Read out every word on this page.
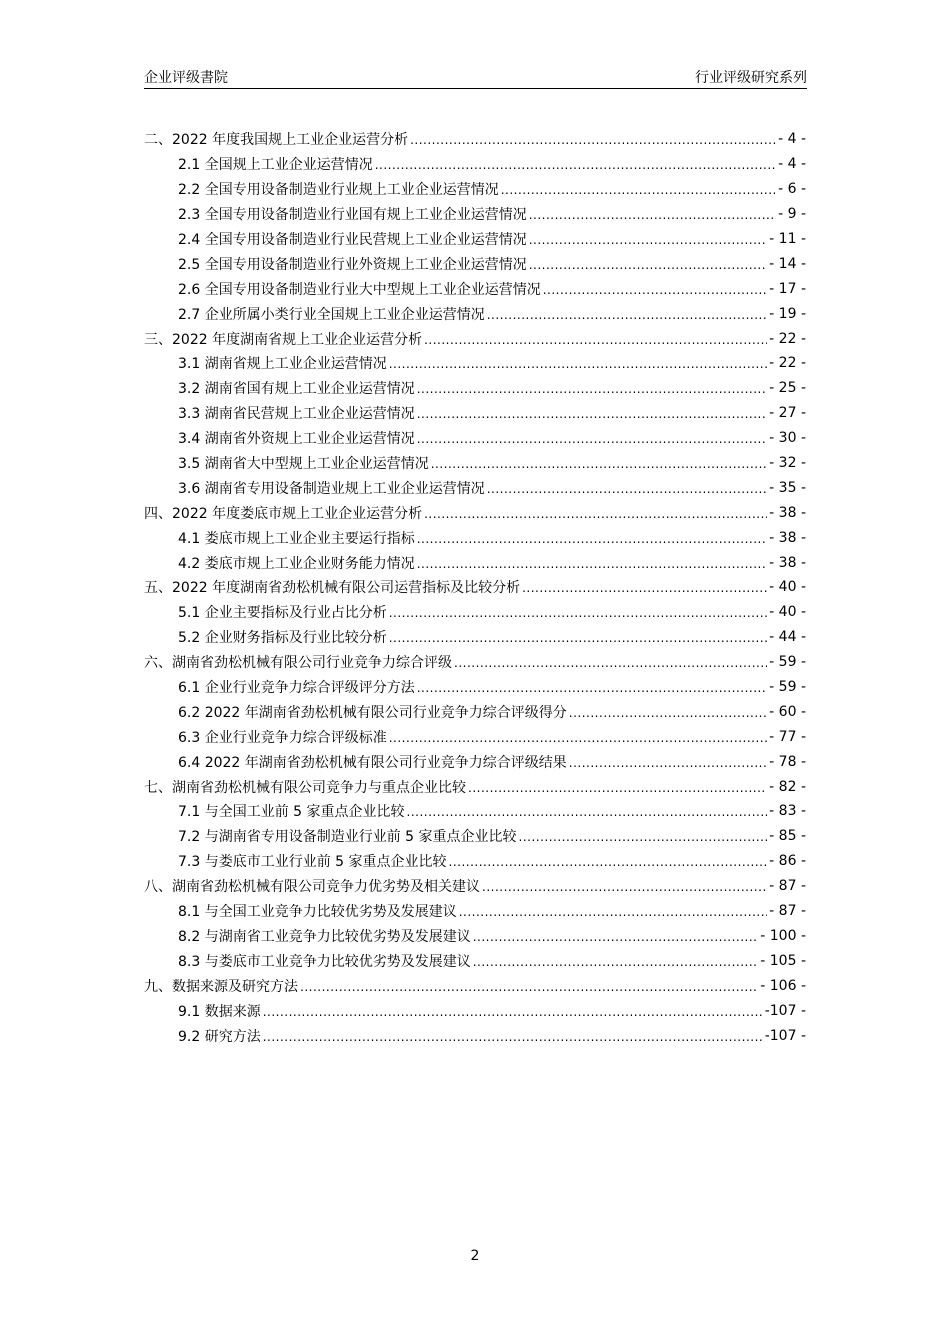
企业评级書院	行业评级研究系列
二、2022 年度我国规上工业企业运营分析 .....	- 4 -
2.1 全国规上工业企业运营情况 .....	- 4 -
2.2 全国专用设备制造业行业规上工业企业运营情况 .....	- 6 -
2.3 全国专用设备制造业行业国有规上工业企业运营情况 .....	- 9 -
2.4 全国专用设备制造业行业民营规上工业企业运营情况 .....	- 11 -
2.5 全国专用设备制造业行业外资规上工业企业运营情况 .....	- 14 -
2.6 全国专用设备制造业行业大中型规上工业企业运营情况 .....	- 17 -
2.7 企业所属小类行业全国规上工业企业运营情况 .....	- 19 -
三、2022 年度湖南省规上工业企业运营分析 .....	- 22 -
3.1 湖南省规上工业企业运营情况 .....	- 22 -
3.2 湖南省国有规上工业企业运营情况 .....	- 25 -
3.3 湖南省民营规上工业企业运营情况 .....	- 27 -
3.4 湖南省外资规上工业企业运营情况 .....	- 30 -
3.5 湖南省大中型规上工业企业运营情况 .....	- 32 -
3.6 湖南省专用设备制造业规上工业企业运营情况 .....	- 35 -
四、2022 年度娄底市规上工业企业运营分析 .....	- 38 -
4.1 娄底市规上工业企业主要运行指标 .....	- 38 -
4.2 娄底市规上工业企业财务能力情况 .....	- 38 -
五、2022 年度湖南省劲松机械有限公司运营指标及比较分析 .....	- 40 -
5.1 企业主要指标及行业占比分析 .....	- 40 -
5.2 企业财务指标及行业比较分析 .....	- 44 -
六、湖南省劲松机械有限公司行业竞争力综合评级 .....	- 59 -
6.1 企业行业竞争力综合评级评分方法 .....	- 59 -
6.2 2022 年湖南省劲松机械有限公司行业竞争力综合评级得分 .....	- 60 -
6.3 企业行业竞争力综合评级标准 .....	- 77 -
6.4 2022 年湖南省劲松机械有限公司行业竞争力综合评级结果 .....	- 78 -
七、湖南省劲松机械有限公司竞争力与重点企业比较 .....	- 82 -
7.1 与全国工业前 5 家重点企业比较 .....	- 83 -
7.2 与湖南省专用设备制造业行业前 5 家重点企业比较 .....	- 85 -
7.3 与娄底市工业行业前 5 家重点企业比较 .....	- 86 -
八、湖南省劲松机械有限公司竞争力优劣势及相关建议 .....	- 87 -
8.1 与全国工业竞争力比较优劣势及发展建议 .....	- 87 -
8.2 与湖南省工业竞争力比较优劣势及发展建议 .....	- 100 -
8.3 与娄底市工业竞争力比较优劣势及发展建议 .....	- 105 -
九、数据来源及研究方法 .....	- 106 -
9.1 数据来源 .....	-107 -
9.2 研究方法 .....	-107 -
2
